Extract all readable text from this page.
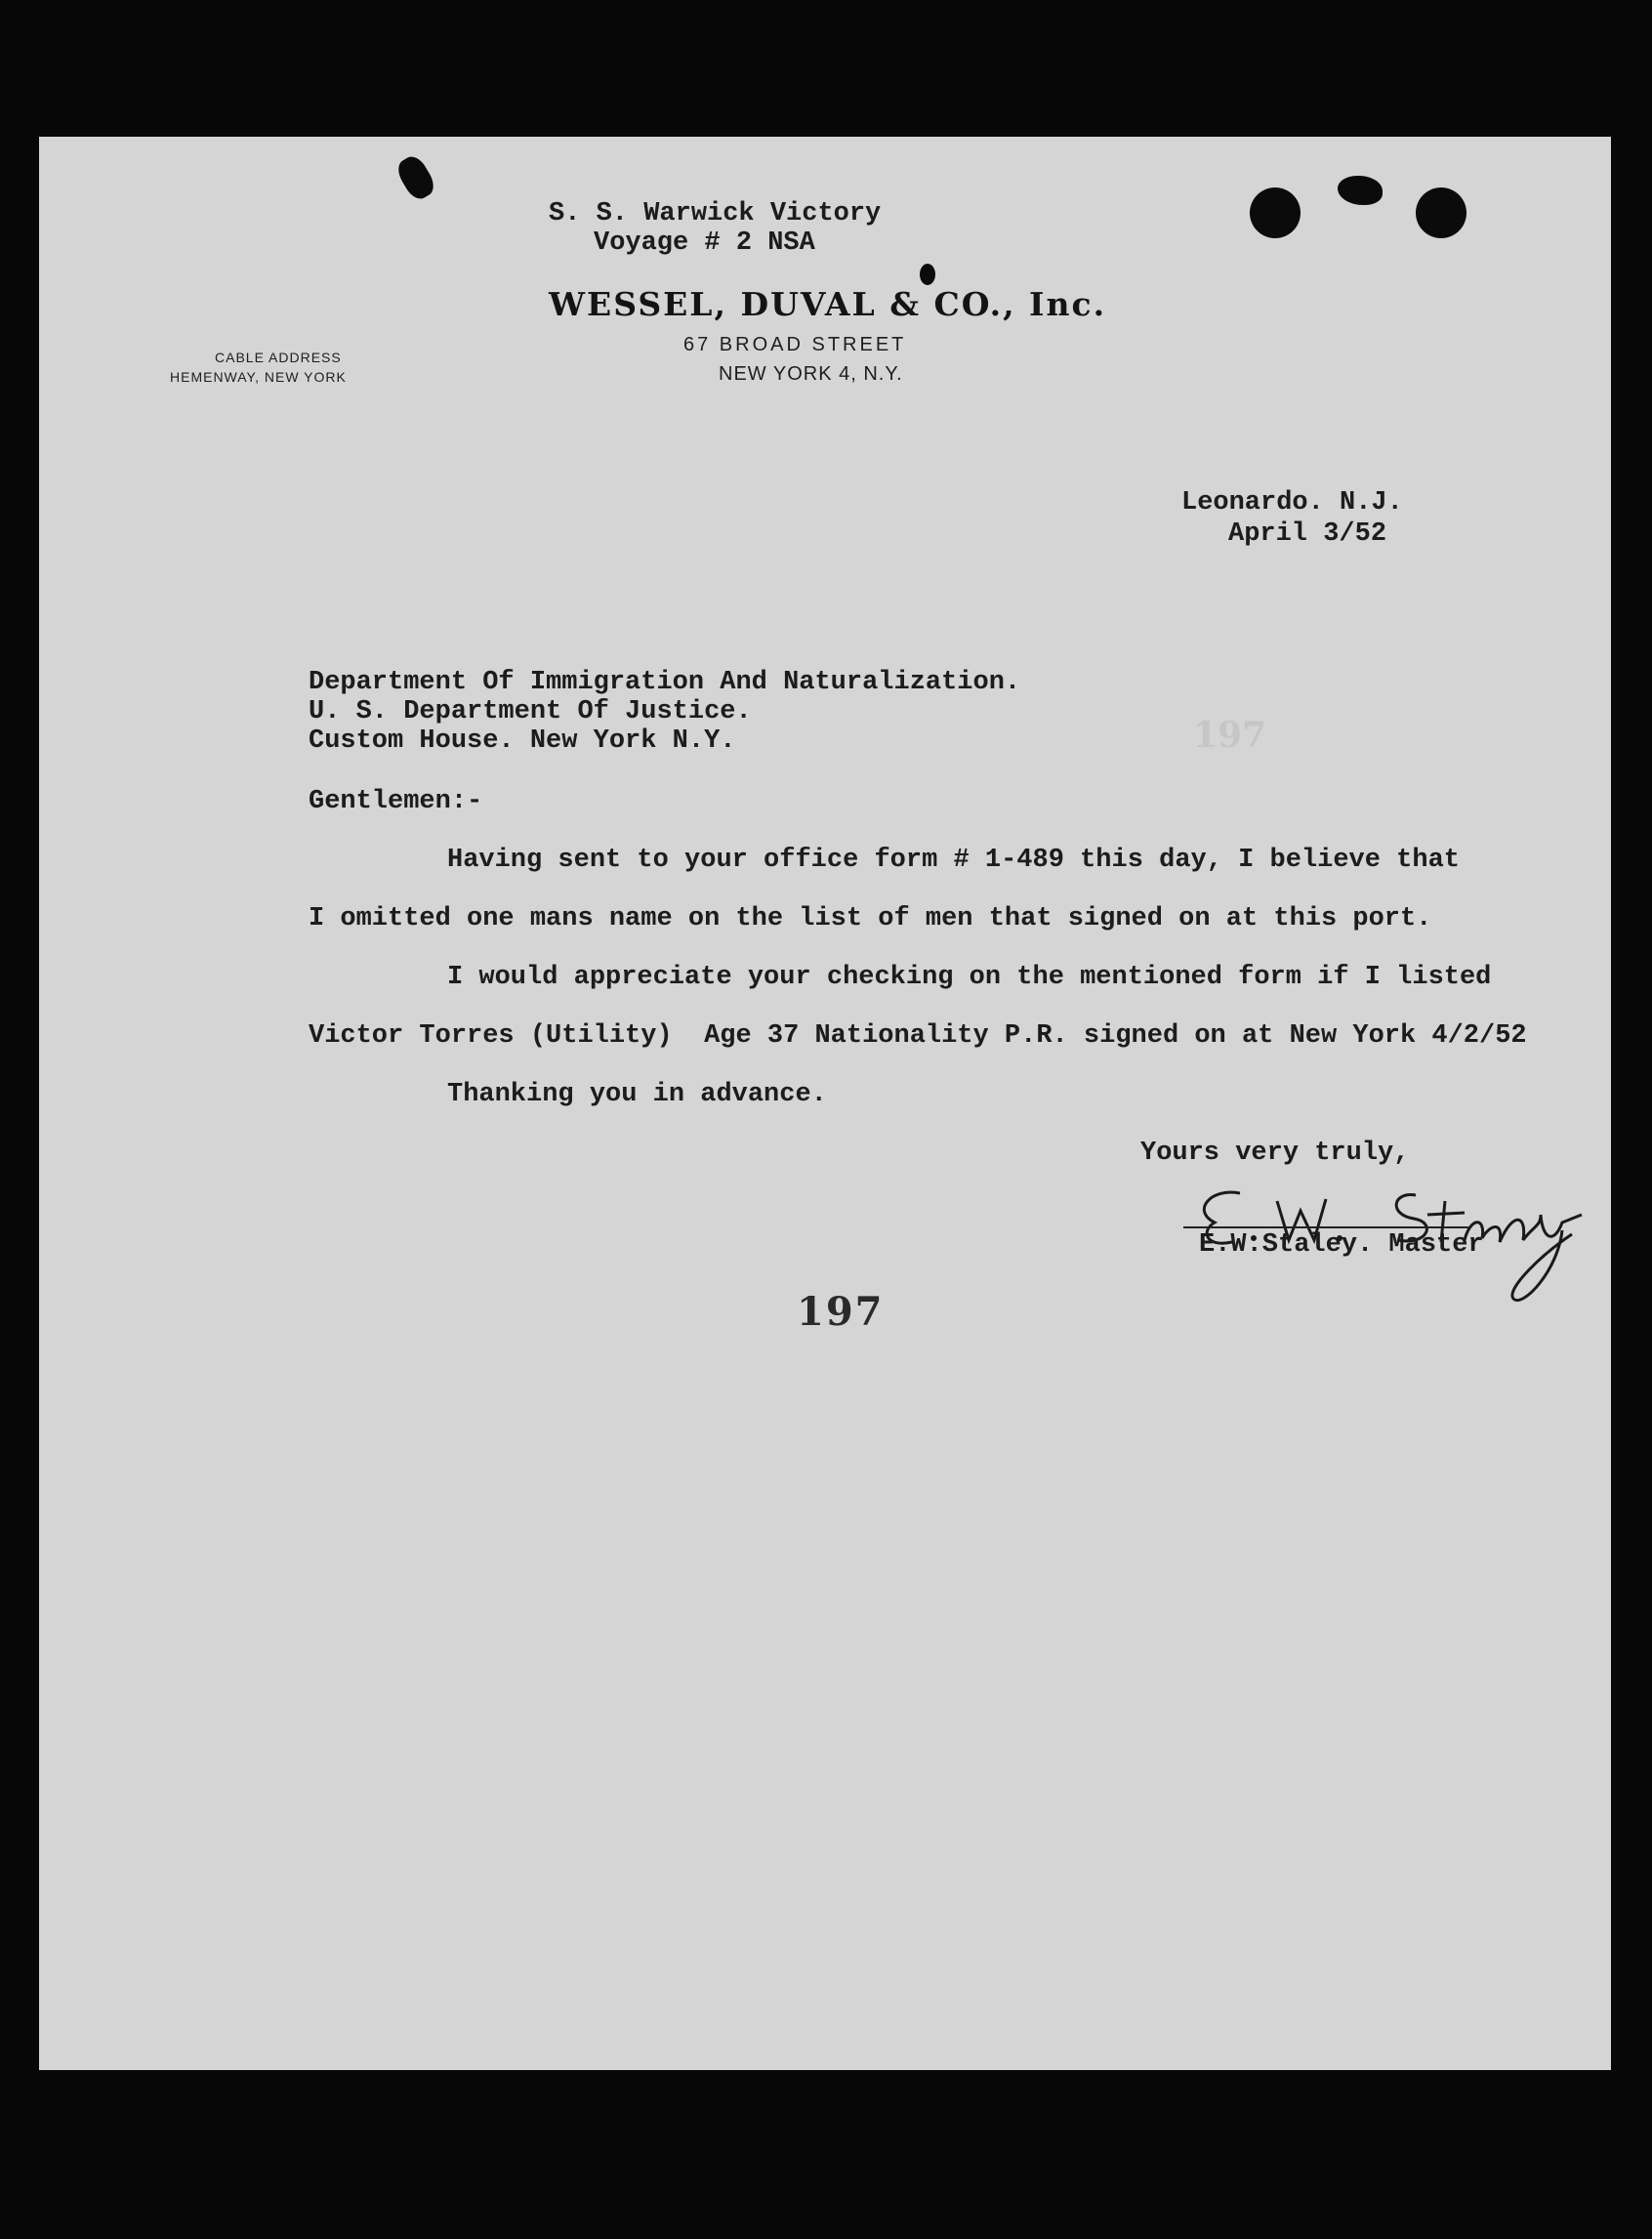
S. S. Warwick Victory
Voyage # 2 NSA
WESSEL, DUVAL & CO., Inc.
67 BROAD STREET
NEW YORK 4, N.Y.
CABLE ADDRESS
HEMENWAY, NEW YORK
Leonardo. N.J.
April 3/52
197
Department Of Immigration And Naturalization.
U. S. Department Of Justice.
Custom House. New York N.Y.
Gentlemen:-
Having sent to your office form # 1-489 this day, I believe that
I omitted one mans name on the list of men that signed on at this port.
I would appreciate your checking on the mentioned form if I listed
Victor Torres (Utility)  Age 37 Nationality P.R. signed on at New York 4/2/52
Thanking you in advance.
Yours very truly,
E.W.Staley. Master
197
